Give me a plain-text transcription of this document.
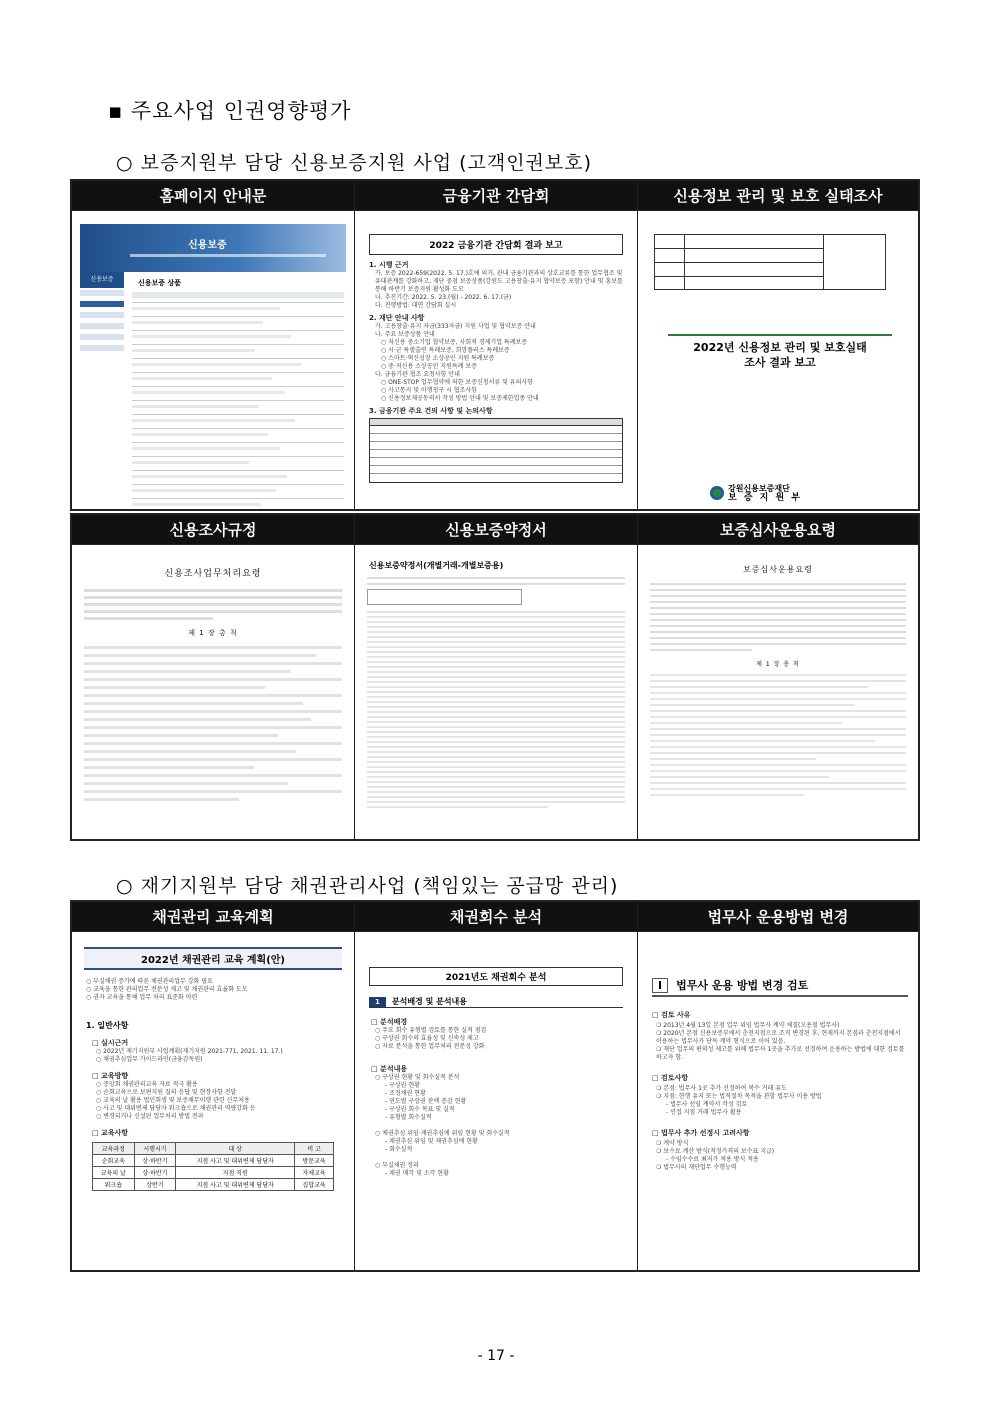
▪ 주요사업 인권영향평가
○ 보증지원부 담당 신용보증지원 사업 (고객인권보호)
홈페이지 안내문
신용보증
신용보증	신용보증 상품
금융기관 간담회
2022 금융기관 간담회 결과 보고
1. 시행 근거
가. 보증 2022-659(2022. 5. 17.)호에 의거, 관내 금융기관과의 상호교류를 통한 업무협조 및 유대관계를 강화하고, 재단 중점 보증상품(강원도 고용창출·유지 협약보증 포함) 안내 및 홍보를 통해 하반기 보증지원 활성화 도모
나. 추진기간: 2022. 5. 23.(월) - 2022. 6. 17.(금)
다. 진행방법: 대면 간담회 실시
2. 재단 안내 사항
가. 고용창출·유지 자금(333자금) 지원 사업 및 협약보증 안내
나. 주요 보증상품 안내
○ 저신용 중소기업 협약보증, 사회적 경제기업 특례보증
○ 시·군 특별출연 특례보증, 희망플러스 특례보증
○ 스마트·혁신성장 소상공인 지원 특례보증
○ 중·저신용 소상공인 지원특례 보증
다. 금융기관 협조 요청사항 안내
○ ONE-STOP 업무협약에 의한 보증신청서류 및 유의사항
○ 사고통지 및 이행청구 시 협조사항
○ 신용정보제공동의서 작성 방법 안내 및 보증제한업종 안내
3. 금융기관 주요 건의 사항 및 논의사항
신용정보 관리 및 보호 실태조사
2022년 신용정보 관리 및 보호실태
조사 결과 보고
강원신용보증재단
보 증 지 원 부
신용조사규정
신용조사업무처리요령
제 1 장 총 칙
신용보증약정서
신용보증약정서(개별거래-개별보증용)
보증심사운용요령
보증심사운용요령
제 1 장 총 칙
○ 재기지원부 담당 채권관리사업 (책임있는 공급망 관리)
채권관리 교육계획
2022년 채권관리 교육 계획(안)
○ 부실채권 증가에 따른 채권관리업무 강화 필요
○ 교육을 통한 관리업무 전문성 제고 및 채권관리 효율화 도모
○ 권자 교육을 통해 업무 처리 표준화 마련
1. 일반사항
□ 실시근거
○ 2022년 재기지원부 사업계획(재기지원 2021-771, 2021. 11. 17.)
○ 채권추심업무 가이드라인(금융감독원)
□ 교육방향
○ 증앙회 채권관리교육 자료 적극 활용
○ 순회교육으로 보편지원 질의 응답 및 현장사항 전달
○ 교육의 날 활용 법인회생 및 보증채무이행 관련 신무처용
○ 사고 및 대위변제 담당자 워크숍으로 채권관리 역량강화 등
○ 변경되거나 신설된 업무처리 방법 전파
□ 교육사항
교육과정	시행시기	대 상	비 고
순회교육	상·하반기	지점 사고 및 대위변제 담당자	방문교육
교육의 날	상·하반기	지점 직원	자체교육
워크숍	상반기	지점 사고 및 대위변제 담당자	집합교육
채권회수 분석
2021년도 채권회수 분석
1	분석배경 및 분석내용
□ 분석배경
○ 주요 회수 유형별 검토를 통한 실적 점검
○ 구상권 회수의 효율성 및 신속성 제고
○ 자료 분석을 통한 업무처리 전문성 강화
□ 분석내용
○ 구상권 현황 및 회수실적 분석
- 구상권 현황
- 조정채권 현황
- 연도별 구상권 잔액 증감 현황
- 구상권 회수 목표 및 실적
- 유형별 회수실적
○ 채권추심 위임·재권추심에 위임 현황 및 회수실적
- 채권추심 위임 및 재권추심에 현황
- 회수실적
○ 부실채권 정리
- 채권 매각 및 소각 현황
법무사 운용방법 변경
I	법무사 운용 방법 변경 검토
□ 검토 사유
❍ 2013년 4월 13일 본점 업무 위임 법무사 계약 체결(오용철 법무사)
❍ 2020년 본점 신용보증부에서 춘천지점으로 조직 변경된 후, 현재까지 본점과 춘천지점에서 이용하는 법무사가 단독 계약 형식으로 이어 있음.
❍ 재단 업무의 편의성 제고를 위해 법무사 1곳을 추가로 선정하여 운용하는 방법에 대한 검토를 하고자 함.
□ 검토사항
❍ 본점: 법무사 1곳 추가 선정하여 복수 거래 유도
❍ 지점: 현행 유지 또는 법적절차 목적을 관할 법무사 이용 방법
- 법무사 선임 계약서 작성 검토
- 인접 지점 거래 법무사 활용
□ 법무사 추가 선정시 고려사항
❍ 계약 방식
❍ 보수료 계산 방식(적정가격의 보수표 지급)
- 수임수수료 최저가 적용 방식 적용
❍ 법무사의 재단업무 수행능력
- 17 -
